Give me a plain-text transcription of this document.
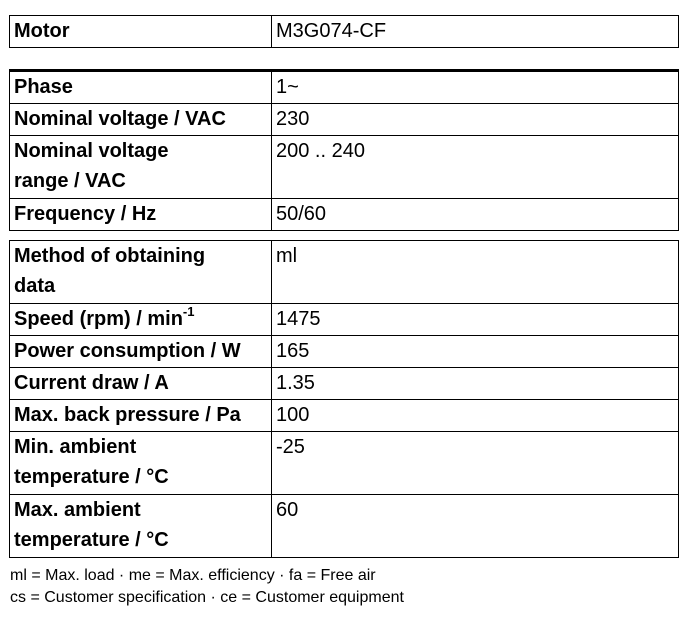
Motor	M3G074-CF
Phase	1~
Nominal voltage / VAC	230
Nominal voltage
range / VAC	200 .. 240
Frequency / Hz	50/60
Method of obtaining
data	ml
Speed $(rpm) / \min^{-1}$	1475
Power consumption / W	165
Current draw / A	1.35
Max. back pressure / Pa	100
Min. ambient
temperature / °C	-25
Max. ambient
temperature / °C	60
ml = Max. load · me = Max. efficiency · fa = Free air
cs = Customer specification · ce = Customer equipment
